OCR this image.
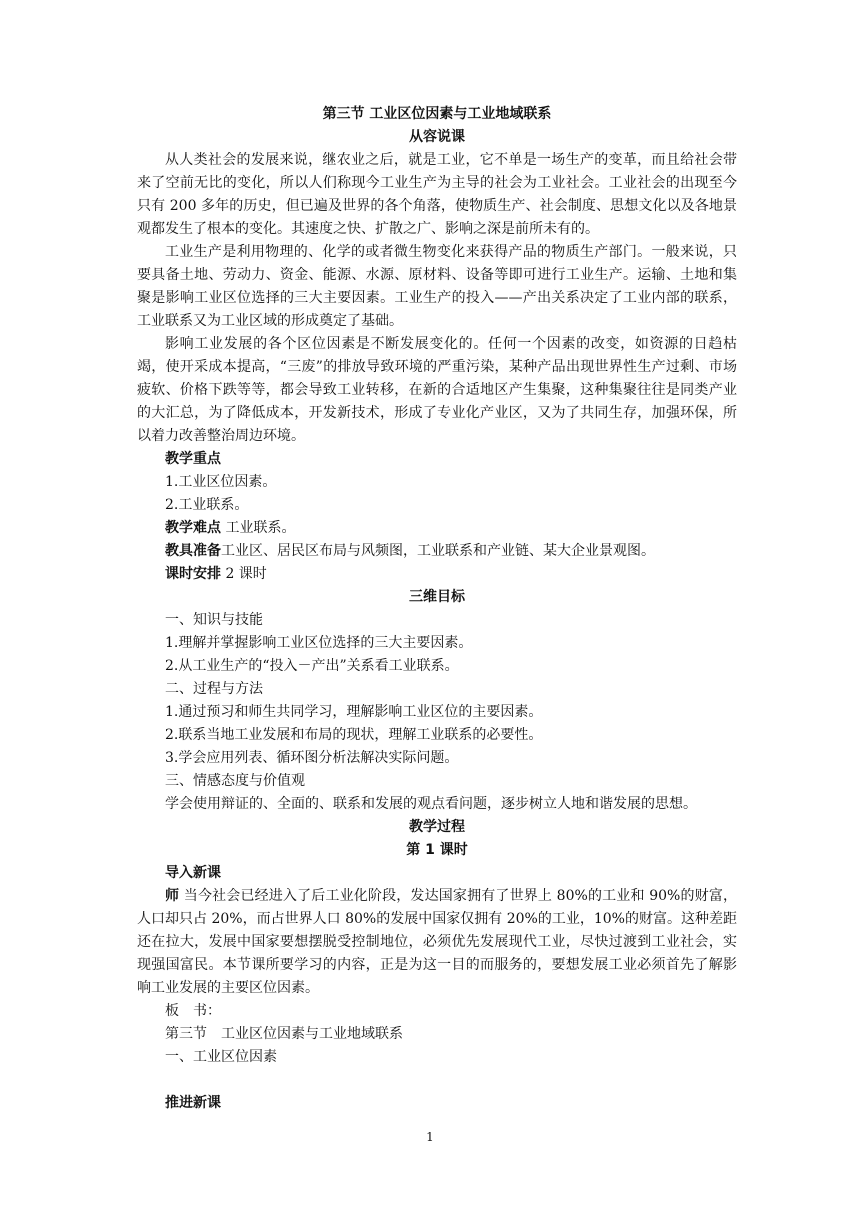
第三节 工业区位因素与工业地域联系

从容说课

从人类社会的发展来说，继农业之后，就是工业，它不单是一场生产的变革，而且给社会带来了空前无比的变化，所以人们称现今工业生产为主导的社会为工业社会。工业社会的出现至今只有 200 多年的历史，但已遍及世界的各个角落，使物质生产、社会制度、思想文化以及各地景观都发生了根本的变化。其速度之快、扩散之广、影响之深是前所未有的。

工业生产是利用物理的、化学的或者微生物变化来获得产品的物质生产部门。一般来说，只要具备土地、劳动力、资金、能源、水源、原材料、设备等即可进行工业生产。运输、土地和集聚是影响工业区位选择的三大主要因素。工业生产的投入——产出关系决定了工业内部的联系，工业联系又为工业区域的形成奠定了基础。

影响工业发展的各个区位因素是不断发展变化的。任何一个因素的改变，如资源的日趋枯竭，使开采成本提高，“三废”的排放导致环境的严重污染，某种产品出现世界性生产过剩、市场疲软、价格下跌等等，都会导致工业转移，在新的合适地区产生集聚，这种集聚往往是同类产业的大汇总，为了降低成本，开发新技术，形成了专业化产业区，又为了共同生存，加强环保，所以着力改善整治周边环境。

教学重点

1.工业区位因素。

2.工业联系。

教学难点 工业联系。

教具准备工业区、居民区布局与风频图，工业联系和产业链、某大企业景观图。

课时安排 2 课时

三维目标

一、知识与技能

1.理解并掌握影响工业区位选择的三大主要因素。

2.从工业生产的“投入－产出”关系看工业联系。

二、过程与方法

1.通过预习和师生共同学习，理解影响工业区位的主要因素。

2.联系当地工业发展和布局的现状，理解工业联系的必要性。

3.学会应用列表、循环图分析法解决实际问题。

三、情感态度与价值观

学会使用辩证的、全面的、联系和发展的观点看问题，逐步树立人地和谐发展的思想。

教学过程

第 1 课时

导入新课

师 当今社会已经进入了后工业化阶段，发达国家拥有了世界上 80%的工业和 90%的财富，人口却只占 20%，而占世界人口 80%的发展中国家仅拥有 20%的工业，10%的财富。这种差距还在拉大，发展中国家要想摆脱受控制地位，必须优先发展现代工业，尽快过渡到工业社会，实现强国富民。本节课所要学习的内容，正是为这一目的而服务的，要想发展工业必须首先了解影响工业发展的主要区位因素。

板　书：

第三节　工业区位因素与工业地域联系

一、工业区位因素

推进新课

1
